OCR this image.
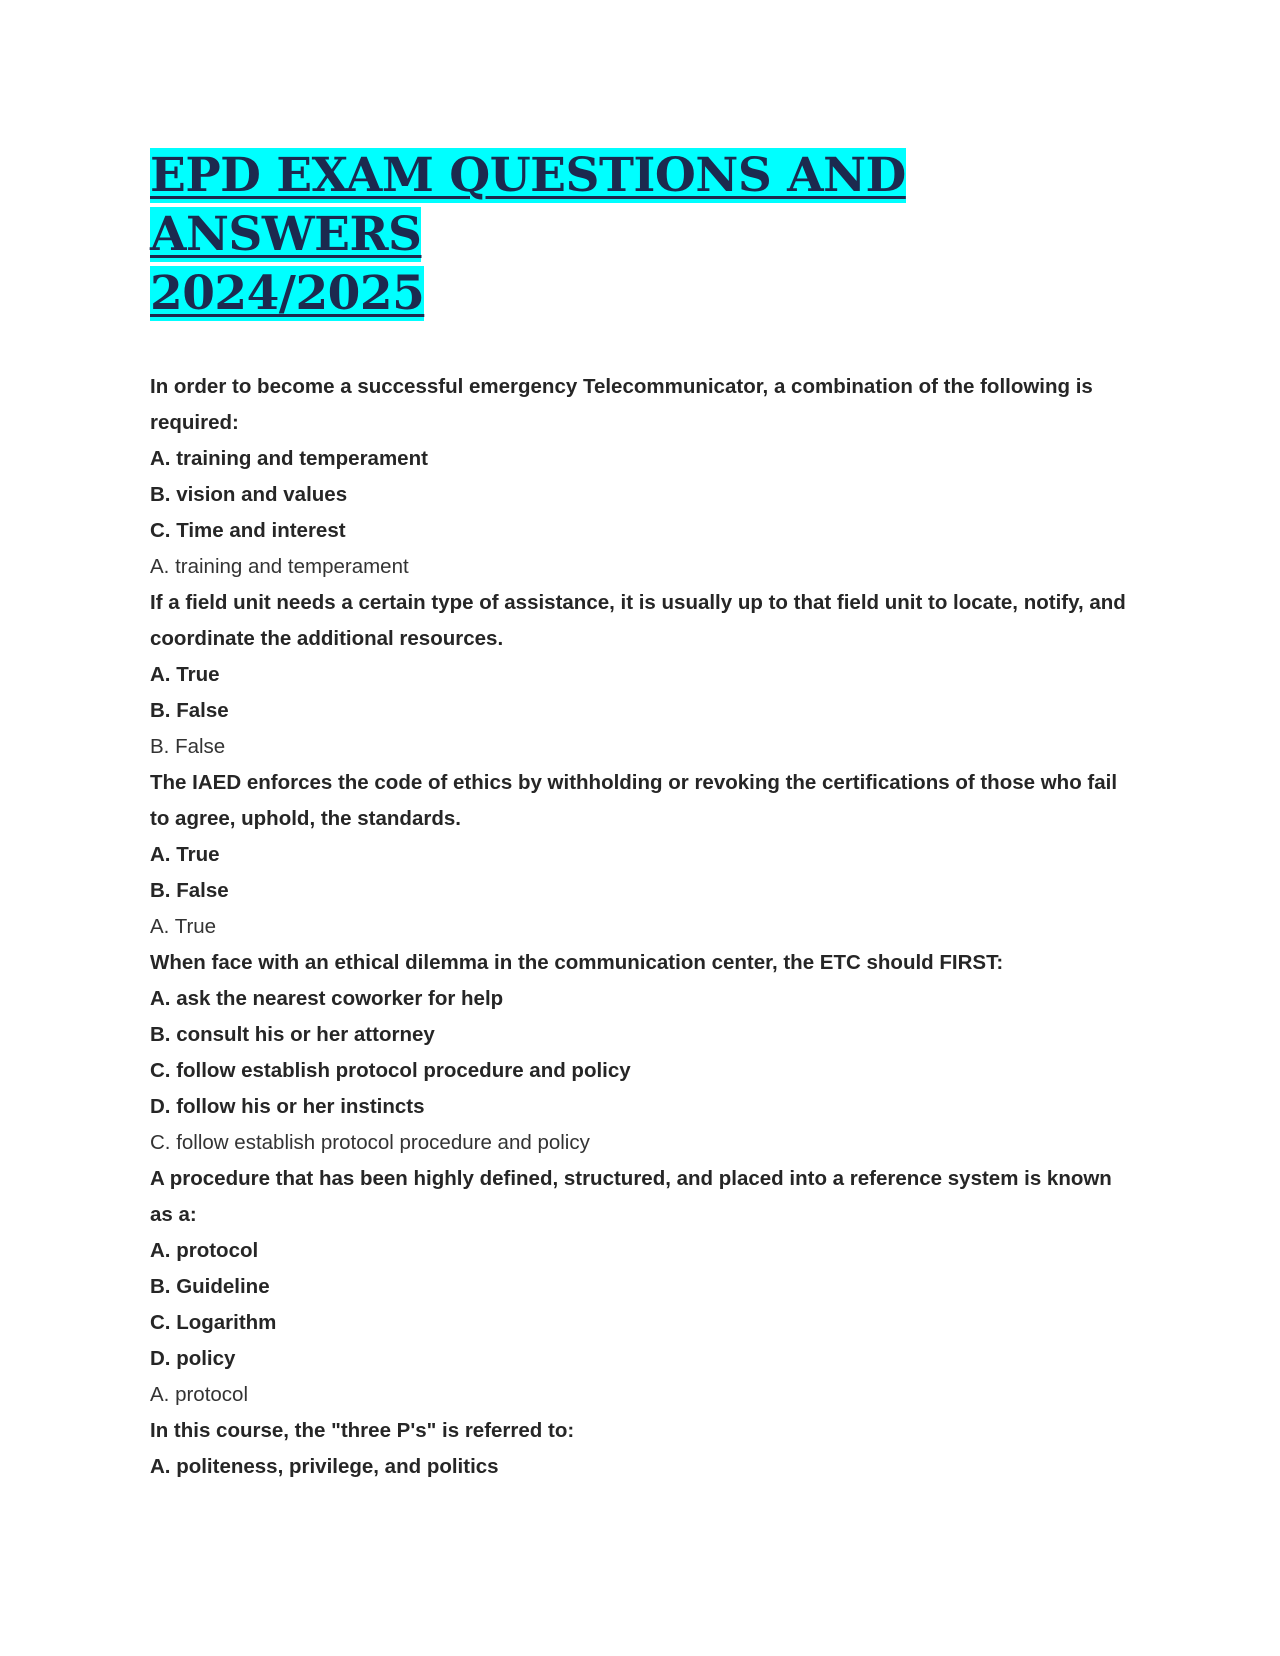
EPD EXAM QUESTIONS AND ANSWERS
2024/2025

In order to become a successful emergency Telecommunicator, a combination of the following is required:

A. training and temperament

B. vision and values

C. Time and interest

A. training and temperament

If a field unit needs a certain type of assistance, it is usually up to that field unit to locate, notify, and coordinate the additional resources.

A. True

B. False

B. False

The IAED enforces the code of ethics by withholding or revoking the certifications of those who fail to agree, uphold, the standards.

A. True

B. False

A. True

When face with an ethical dilemma in the communication center, the ETC should FIRST:

A. ask the nearest coworker for help

B. consult his or her attorney

C. follow establish protocol procedure and policy

D. follow his or her instincts

C. follow establish protocol procedure and policy

A procedure that has been highly defined, structured, and placed into a reference system is known as a:

A. protocol

B. Guideline

C. Logarithm

D. policy

A. protocol

In this course, the "three P's" is referred to:

A. politeness, privilege, and politics
